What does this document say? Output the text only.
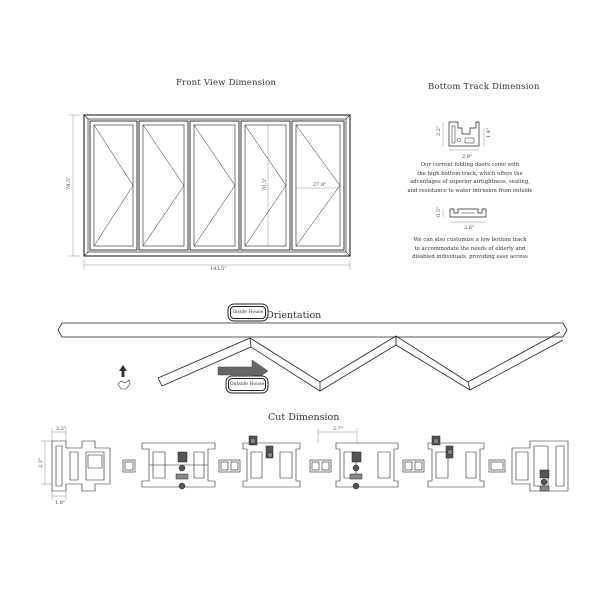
Front View Dimension
143.5"
78.5"	70.5"	27.8"
Bottom Track Dimension
2.2"
2.9"
1.4"
Our current folding doors come with
the high bottom track, which offers the
advantages of superior airtightness, sealing,
and resistance to water intrusion from outside
0.5"
2.6"
We can also customize a low bottom track
to accommodate the needs of elderly and
disabled individuals, providing easy access
Orientation
Inside House
Outside House
Cut Dimension
2.2"
2.3"
1.8"
2.7"
